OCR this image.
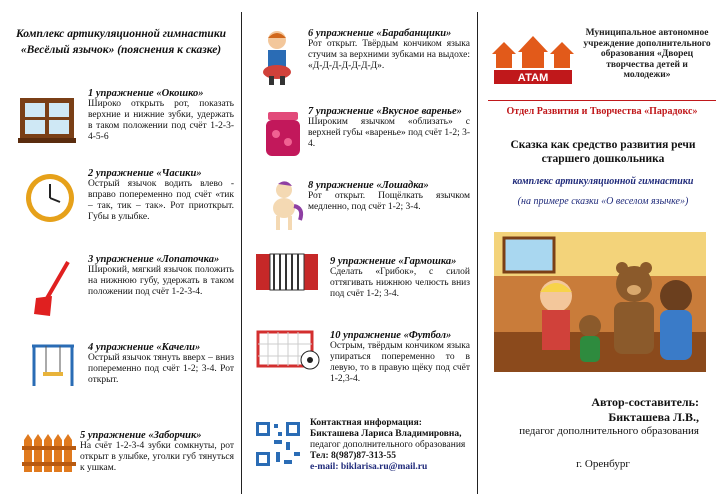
Комплекс артикуляционной гимнастики «Весёлый язычок» (пояснения к сказке)
1 упражнение «Окошко»
Широко открыть рот, показать верхние и нижние зубки, удержать в таком положении под счёт 1-2-3-4-5-6
2 упражнение «Часики»
Острый язычок водить влево - вправо попеременно под счёт «тик – так, тик – так». Рот приоткрыт. Губы в улыбке.
3 упражнение «Лопаточка»
Широкий, мягкий язычок положить на нижнюю губу, удержать в таком положении под счёт 1-2-3-4.
4 упражнение «Качели»
Острый язычок тянуть вверх – вниз попеременно под счёт 1-2; 3-4. Рот открыт.
5 упражнение «Заборчик»
На счёт 1-2-3-4 зубки сомкнуты, рот открыт в улыбке, уголки губ тянуться к ушкам.
6 упражнение «Барабанщики»
Рот открыт. Твёрдым кончиком языка стучим за верхними зубками на выдохе: «Д-Д-Д-Д-Д-Д-Д».
7 упражнение «Вкусное варенье»
Широким язычком «облизать» с верхней губы «варенье» под счёт 1-2; 3-4.
8 упражнение «Лошадка»
Рот открыт. Пощёлкать язычком медленно, под счёт 1-2; 3-4.
9 упражнение «Гармошка»
Сделать «Грибок», с силой оттягивать нижнюю челюсть вниз под счёт 1-2; 3-4.
10 упражнение «Футбол»
Острым, твёрдым кончиком языка упираться попеременно то в левую, то в правую щёку под счёт 1-2,3-4.
Контактная информация:
Бикташева Лариса Владимировна, педагог дополнительного образования
Тел: 8(987)87-313-55
e-mail: biklarisa.ru@mail.ru
АТАМ
Муниципальное автономное учреждение дополнительного образования «Дворец творчества детей и молодежи»
Отдел Развития и Творчества «Парадокс»
Сказка как средство развития речи старшего дошкольника
комплекс артикуляционной гимнастики
(на примере сказки «О веселом язычке»)
Автор-составитель:
Бикташева Л.В.,
педагог дополнительного образования
г. Оренбург
